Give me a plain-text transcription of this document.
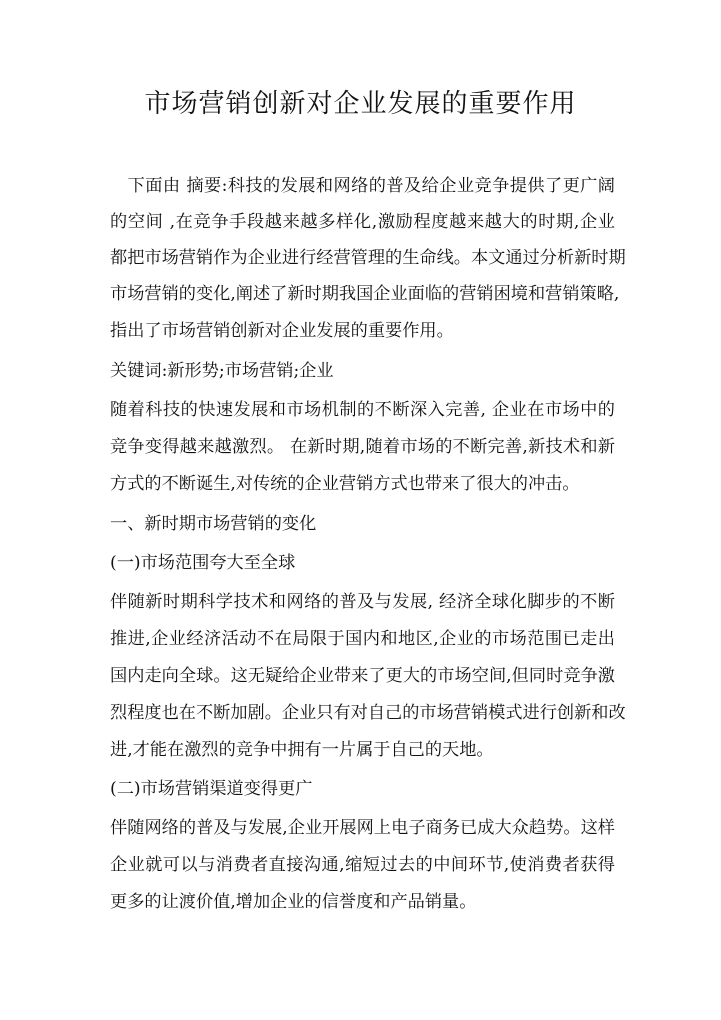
市场营销创新对企业发展的重要作用
　下面由 摘要:科技的发展和网络的普及给企业竞争提供了更广阔
的空间 ,在竞争手段越来越多样化,激励程度越来越大的时期,企业
都把市场营销作为企业进行经营管理的生命线。本文通过分析新时期
市场营销的变化,阐述了新时期我国企业面临的营销困境和营销策略,
指出了市场营销创新对企业发展的重要作用。
关键词:新形势;市场营销;企业
随着科技的快速发展和市场机制的不断深入完善, 企业在市场中的
竞争变得越来越激烈。 在新时期,随着市场的不断完善,新技术和新
方式的不断诞生,对传统的企业营销方式也带来了很大的冲击。
一、新时期市场营销的变化
(一)市场范围夸大至全球
伴随新时期科学技术和网络的普及与发展, 经济全球化脚步的不断
推进,企业经济活动不在局限于国内和地区,企业的市场范围已走出
国内走向全球。这无疑给企业带来了更大的市场空间,但同时竞争激
烈程度也在不断加剧。企业只有对自己的市场营销模式进行创新和改
进,才能在激烈的竞争中拥有一片属于自己的天地。
(二)市场营销渠道变得更广
伴随网络的普及与发展,企业开展网上电子商务已成大众趋势。这样
企业就可以与消费者直接沟通,缩短过去的中间环节,使消费者获得
更多的让渡价值,增加企业的信誉度和产品销量。
